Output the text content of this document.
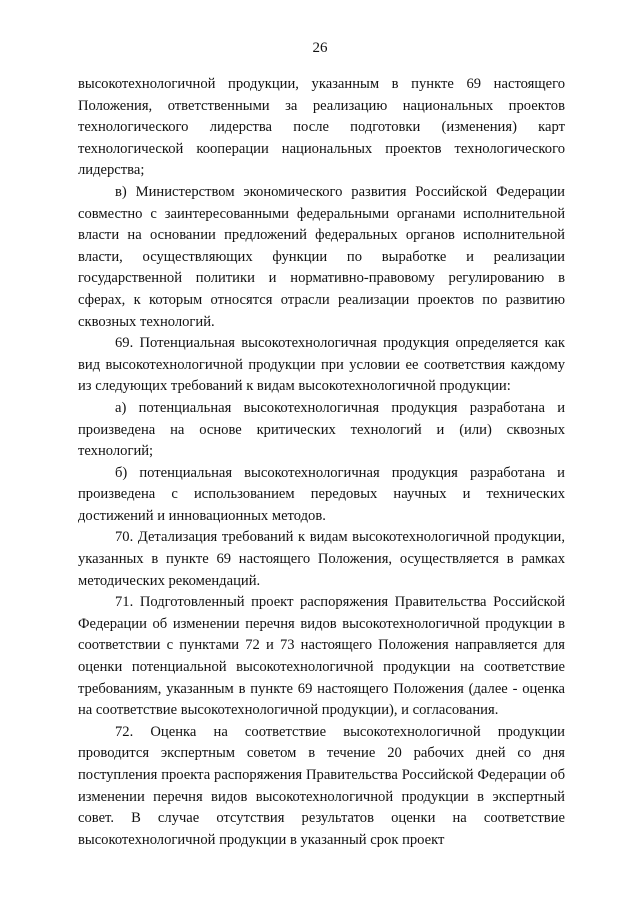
26

высокотехнологичной продукции, указанным в пункте 69 настоящего Положения, ответственными за реализацию национальных проектов технологического лидерства после подготовки (изменения) карт технологической кооперации национальных проектов технологического лидерства;

в) Министерством экономического развития Российской Федерации совместно с заинтересованными федеральными органами исполнительной власти на основании предложений федеральных органов исполнительной власти, осуществляющих функции по выработке и реализации государственной политики и нормативно-правовому регулированию в сферах, к которым относятся отрасли реализации проектов по развитию сквозных технологий.

69. Потенциальная высокотехнологичная продукция определяется как вид высокотехнологичной продукции при условии ее соответствия каждому из следующих требований к видам высокотехнологичной продукции:

а) потенциальная высокотехнологичная продукция разработана и произведена на основе критических технологий и (или) сквозных технологий;

б) потенциальная высокотехнологичная продукция разработана и произведена с использованием передовых научных и технических достижений и инновационных методов.

70. Детализация требований к видам высокотехнологичной продукции, указанных в пункте 69 настоящего Положения, осуществляется в рамках методических рекомендаций.

71. Подготовленный проект распоряжения Правительства Российской Федерации об изменении перечня видов высокотехнологичной продукции в соответствии с пунктами 72 и 73 настоящего Положения направляется для оценки потенциальной высокотехнологичной продукции на соответствие требованиям, указанным в пункте 69 настоящего Положения (далее - оценка на соответствие высокотехнологичной продукции), и согласования.

72. Оценка на соответствие высокотехнологичной продукции проводится экспертным советом в течение 20 рабочих дней со дня поступления проекта распоряжения Правительства Российской Федерации об изменении перечня видов высокотехнологичной продукции в экспертный совет. В случае отсутствия результатов оценки на соответствие высокотехнологичной продукции в указанный срок проект
